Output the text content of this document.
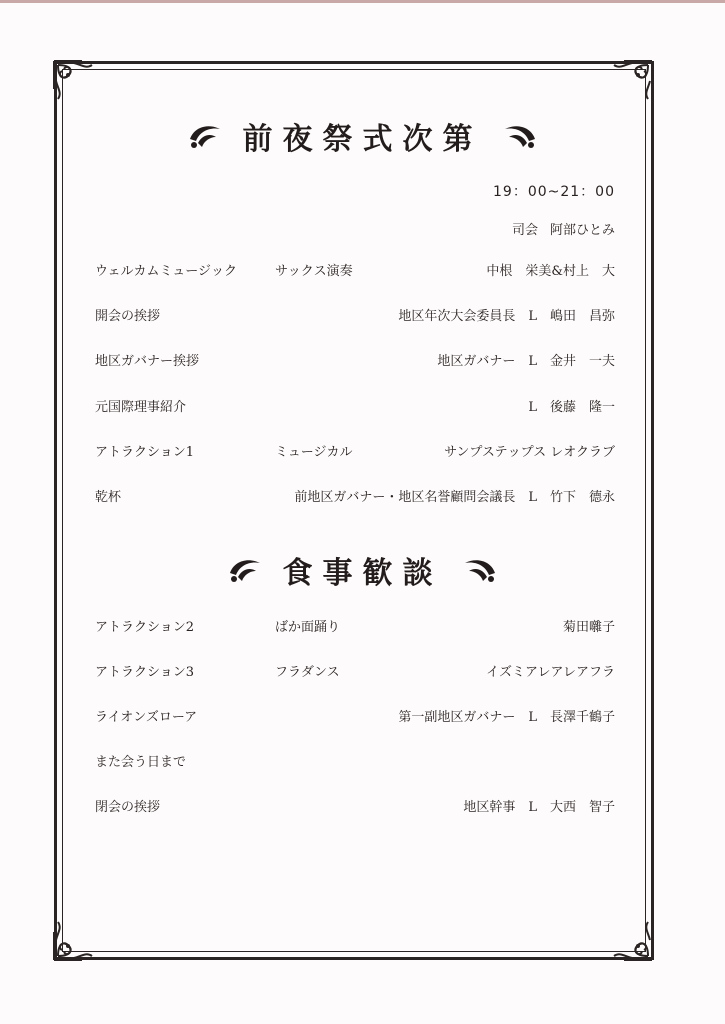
前夜祭式次第
19：00~21：00
司会 阿部ひとみ
ウェルカムミュージック	サックス演奏	中根　栄美&村上　大
開会の挨拶	地区年次大会委員長　L　嶋田　昌弥
地区ガバナー挨拶	地区ガバナー　L　金井　一夫
元国際理事紹介	L　後藤　隆一
アトラクション1	ミュージカル	サンプステップス レオクラブ
乾杯	前地区ガバナー・地区名誉顧問会議長　L　竹下　德永
食事歓談
アトラクション2	ばか面踊り	菊田囃子
アトラクション3	フラダンス	イズミアレアレアフラ
ライオンズローア	第一副地区ガバナー　L　長澤千鶴子
また会う日まで
閉会の挨拶	地区幹事　L　大西　智子
